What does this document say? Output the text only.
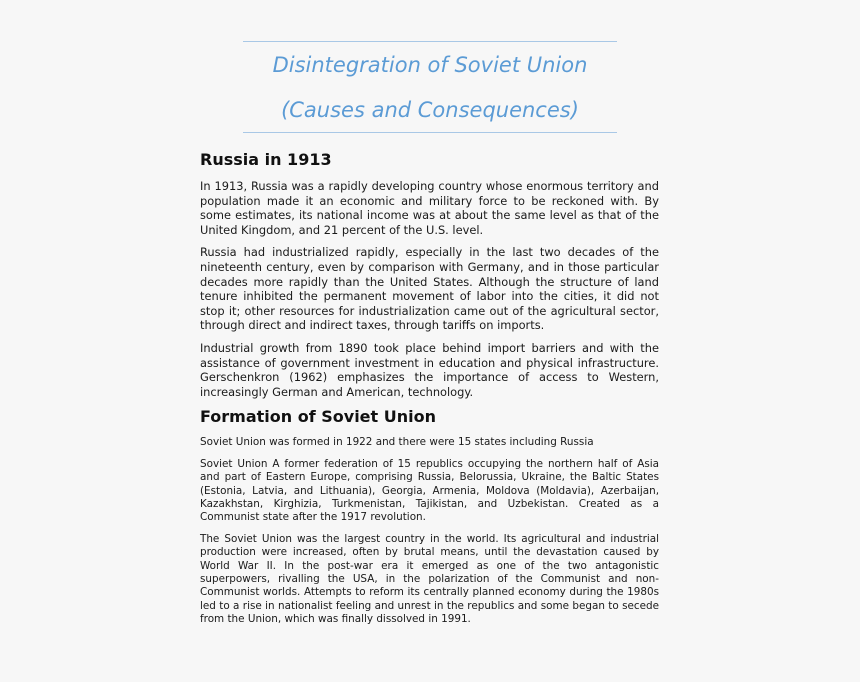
Disintegration of Soviet Union
(Causes and Consequences)
Russia in 1913

In 1913, Russia was a rapidly developing country whose enormous territory and population made it an economic and military force to be reckoned with. By some estimates, its national income was at about the same level as that of the United Kingdom, and 21 percent of the U.S. level.

Russia had industrialized rapidly, especially in the last two decades of the nineteenth century, even by comparison with Germany, and in those particular decades more rapidly than the United States. Although the structure of land tenure inhibited the permanent movement of labor into the cities, it did not stop it; other resources for industrialization came out of the agricultural sector, through direct and indirect taxes, through tariffs on imports.

Industrial growth from 1890 took place behind import barriers and with the assistance of government investment in education and physical infrastructure. Gerschenkron (1962) emphasizes the importance of access to Western, increasingly German and American, technology.

Formation of Soviet Union

Soviet Union was formed in 1922 and there were 15 states including Russia

Soviet Union A former federation of 15 republics occupying the northern half of Asia and part of Eastern Europe, comprising Russia, Belorussia, Ukraine, the Baltic States (Estonia, Latvia, and Lithuania), Georgia, Armenia, Moldova (Moldavia), Azerbaijan, Kazakhstan, Kirghizia, Turkmenistan, Tajikistan, and Uzbekistan. Created as a Communist state after the 1917 revolution.

The Soviet Union was the largest country in the world. Its agricultural and industrial production were increased, often by brutal means, until the devastation caused by World War II. In the post-war era it emerged as one of the two antagonistic superpowers, rivalling the USA, in the polarization of the Communist and non-Communist worlds. Attempts to reform its centrally planned economy during the 1980s led to a rise in nationalist feeling and unrest in the republics and some began to secede from the Union, which was finally dissolved in 1991.
